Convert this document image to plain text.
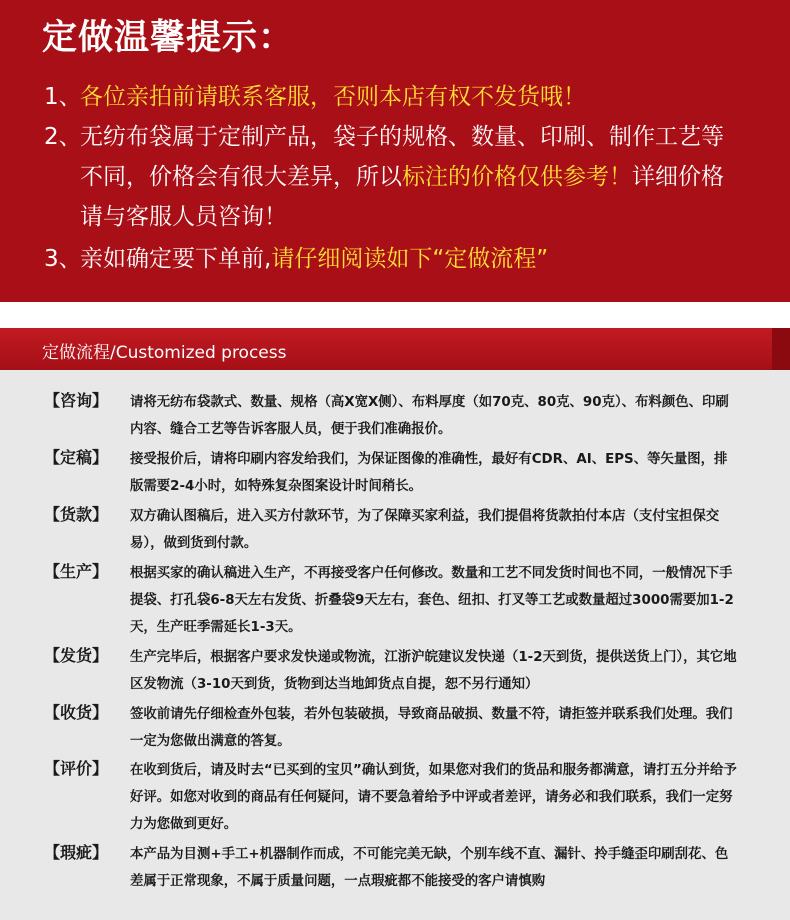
定做温馨提示：
1、各位亲拍前请联系客服，否则本店有权不发货哦！
2、无纺布袋属于定制产品，袋子的规格、数量、印刷、制作工艺等
不同，价格会有很大差异，所以标注的价格仅供参考！详细价格
请与客服人员咨询！
3、亲如确定要下单前,请仔细阅读如下“定做流程”
定做流程/Customized process
【咨询】 请将无纺布袋款式、数量、规格（高X宽X侧）、布料厚度（如70克、80克、90克）、布料颜色、印刷内容、缝合工艺等告诉客服人员，便于我们准确报价。
【定稿】 接受报价后，请将印刷内容发给我们，为保证图像的准确性，最好有CDR、AI、EPS、等矢量图，排版需要2-4小时，如特殊复杂图案设计时间稍长。
【货款】 双方确认图稿后，进入买方付款环节，为了保障买家利益，我们提倡将货款拍付本店（支付宝担保交易），做到货到付款。
【生产】 根据买家的确认稿进入生产，不再接受客户任何修改。数量和工艺不同发货时间也不同，一般情况下手提袋、打孔袋6-8天左右发货、折叠袋9天左右，套色、纽扣、打叉等工艺或数量超过3000需要加1-2天，生产旺季需延长1-3天。
【发货】 生产完毕后，根据客户要求发快递或物流，江浙沪皖建议发快递（1-2天到货，提供送货上门），其它地区发物流（3-10天到货，货物到达当地卸货点自提，恕不另行通知）
【收货】 签收前请先仔细检查外包装，若外包装破损，导致商品破损、数量不符，请拒签并联系我们处理。我们一定为您做出满意的答复。
【评价】 在收到货后，请及时去“已买到的宝贝”确认到货，如果您对我们的货品和服务都满意，请打五分并给予好评。如您对收到的商品有任何疑问，请不要急着给予中评或者差评，请务必和我们联系，我们一定努力为您做到更好。
【瑕疵】 本产品为目测+手工+机器制作而成，不可能完美无缺，个别车线不直、漏针、拎手缝歪印刷刮花、色差属于正常现象，不属于质量问题，一点瑕疵都不能接受的客户请慎购
